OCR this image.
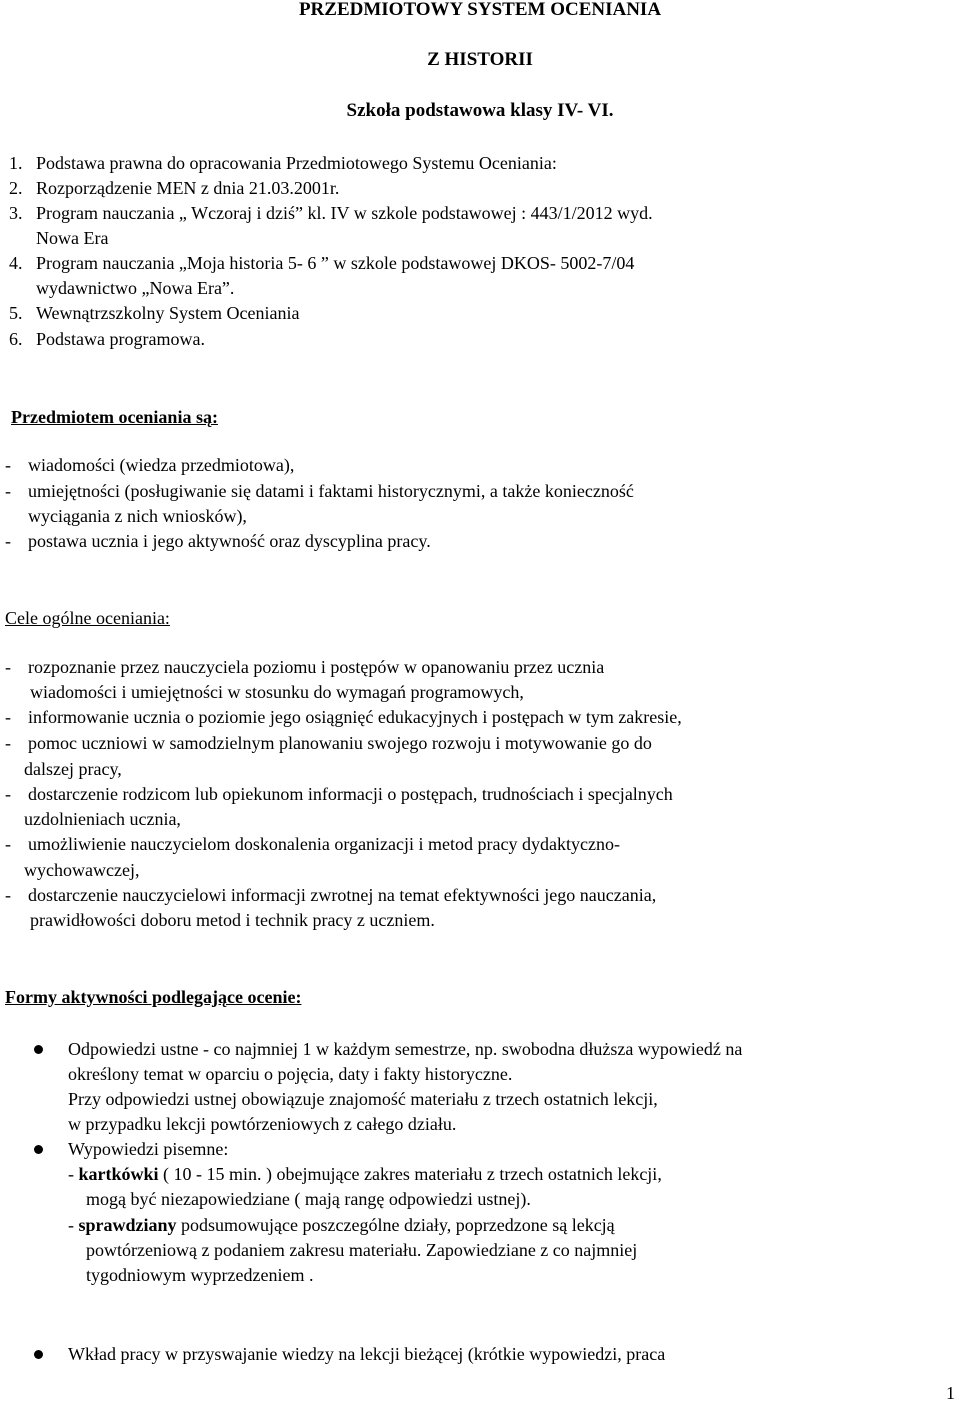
PRZEDMIOTOWY SYSTEM OCENIANIA
Z HISTORII
Szkoła podstawowa klasy IV- VI.
1. Podstawa prawna do opracowania Przedmiotowego Systemu Oceniania:
2. Rozporządzenie MEN z dnia 21.03.2001r.
3. Program nauczania „ Wczoraj i dziś” kl. IV w szkole podstawowej : 443/1/2012 wyd.
Nowa Era
4. Program nauczania „Moja historia 5- 6 ” w szkole podstawowej DKOS- 5002-7/04
wydawnictwo „Nowa Era”.
5. Wewnątrzszkolny System Oceniania
6. Podstawa programowa.
Przedmiotem oceniania są:
- wiadomości (wiedza przedmiotowa),
- umiejętności (posługiwanie się datami i faktami historycznymi, a także konieczność
wyciągania z nich wniosków),
- postawa ucznia i jego aktywność oraz dyscyplina pracy.
Cele ogólne oceniania:
- rozpoznanie przez nauczyciela poziomu i postępów w opanowaniu przez ucznia
wiadomości i umiejętności w stosunku do wymagań programowych,
- informowanie ucznia o poziomie jego osiągnięć edukacyjnych i postępach w tym zakresie,
- pomoc uczniowi w samodzielnym planowaniu swojego rozwoju i motywowanie go do
dalszej pracy,
- dostarczenie rodzicom lub opiekunom informacji o postępach, trudnościach i specjalnych
uzdolnieniach ucznia,
- umożliwienie nauczycielom doskonalenia organizacji i metod pracy dydaktyczno-
wychowawczej,
- dostarczenie nauczycielowi informacji zwrotnej na temat efektywności jego nauczania,
prawidłowości doboru metod i technik pracy z uczniem.
Formy aktywności podlegające ocenie:
Odpowiedzi ustne - co najmniej 1 w każdym semestrze, np. swobodna dłuższa wypowiedź na
określony temat w oparciu o pojęcia, daty i fakty historyczne.
Przy odpowiedzi ustnej obowiązuje znajomość materiału z trzech ostatnich lekcji,
w przypadku lekcji powtórzeniowych z całego działu.
Wypowiedzi pisemne:
- kartkówki ( 10 - 15 min. ) obejmujące zakres materiału z trzech ostatnich lekcji,
mogą być niezapowiedziane ( mają rangę odpowiedzi ustnej).
- sprawdziany podsumowujące poszczególne działy, poprzedzone są lekcją
powtórzeniową z podaniem zakresu materiału. Zapowiedziane z co najmniej
tygodniowym wyprzedzeniem .
Wkład pracy w przyswajanie wiedzy na lekcji bieżącej (krótkie wypowiedzi, praca
1
